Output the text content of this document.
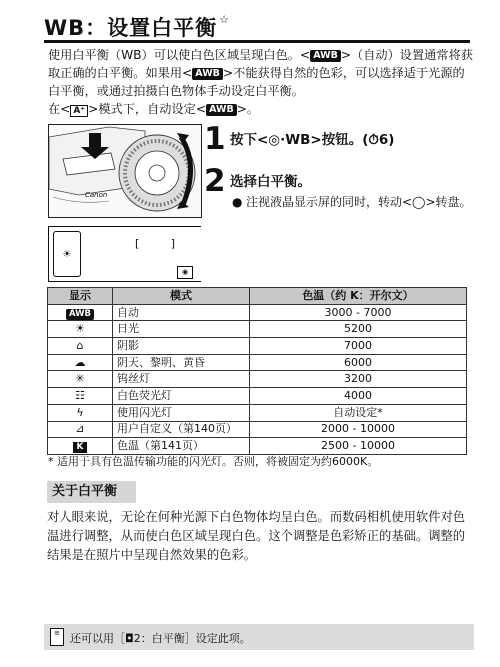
WB：设置白平衡 ☆

使用白平衡（WB）可以使白色区域呈现白色。< AWB >（自动）设置通常将获取正确的白平衡。如果用< AWB >不能获得自然的色彩，可以选择适于光源的白平衡，或通过拍摄白色物体手动设定白平衡。

在< A⁺ >模式下，自动设定< AWB >。

Canon
☀
[	]
◉
1 按下<◎·WB>按钮。(⏱6)
2 选择白平衡。
● 注视液晶显示屏的同时，转动<◯>转盘。
显示	模式	色温（约 K：开尔文）
AWB	自动	3000 - 7000
☀	日光	5200
⌂	阴影	7000
☁	阴天、黎明、黄昏	6000
✳	钨丝灯	3200
☷	白色荧光灯	4000
ϟ	使用闪光灯	自动设定*
⊿	用户自定义（第140页）	2000 - 10000
K	色温（第141页）	2500 - 10000
* 适用于具有色温传输功能的闪光灯。否则，将被固定为约6000K。
关于白平衡
对人眼来说，无论在何种光源下白色物体均呈白色。而数码相机使用软件对色温进行调整，从而使白色区域呈现白色。这个调整是色彩矫正的基础。调整的结果是在照片中呈现自然效果的色彩。
≡ 还可以用［◘2：白平衡］设定此项。
